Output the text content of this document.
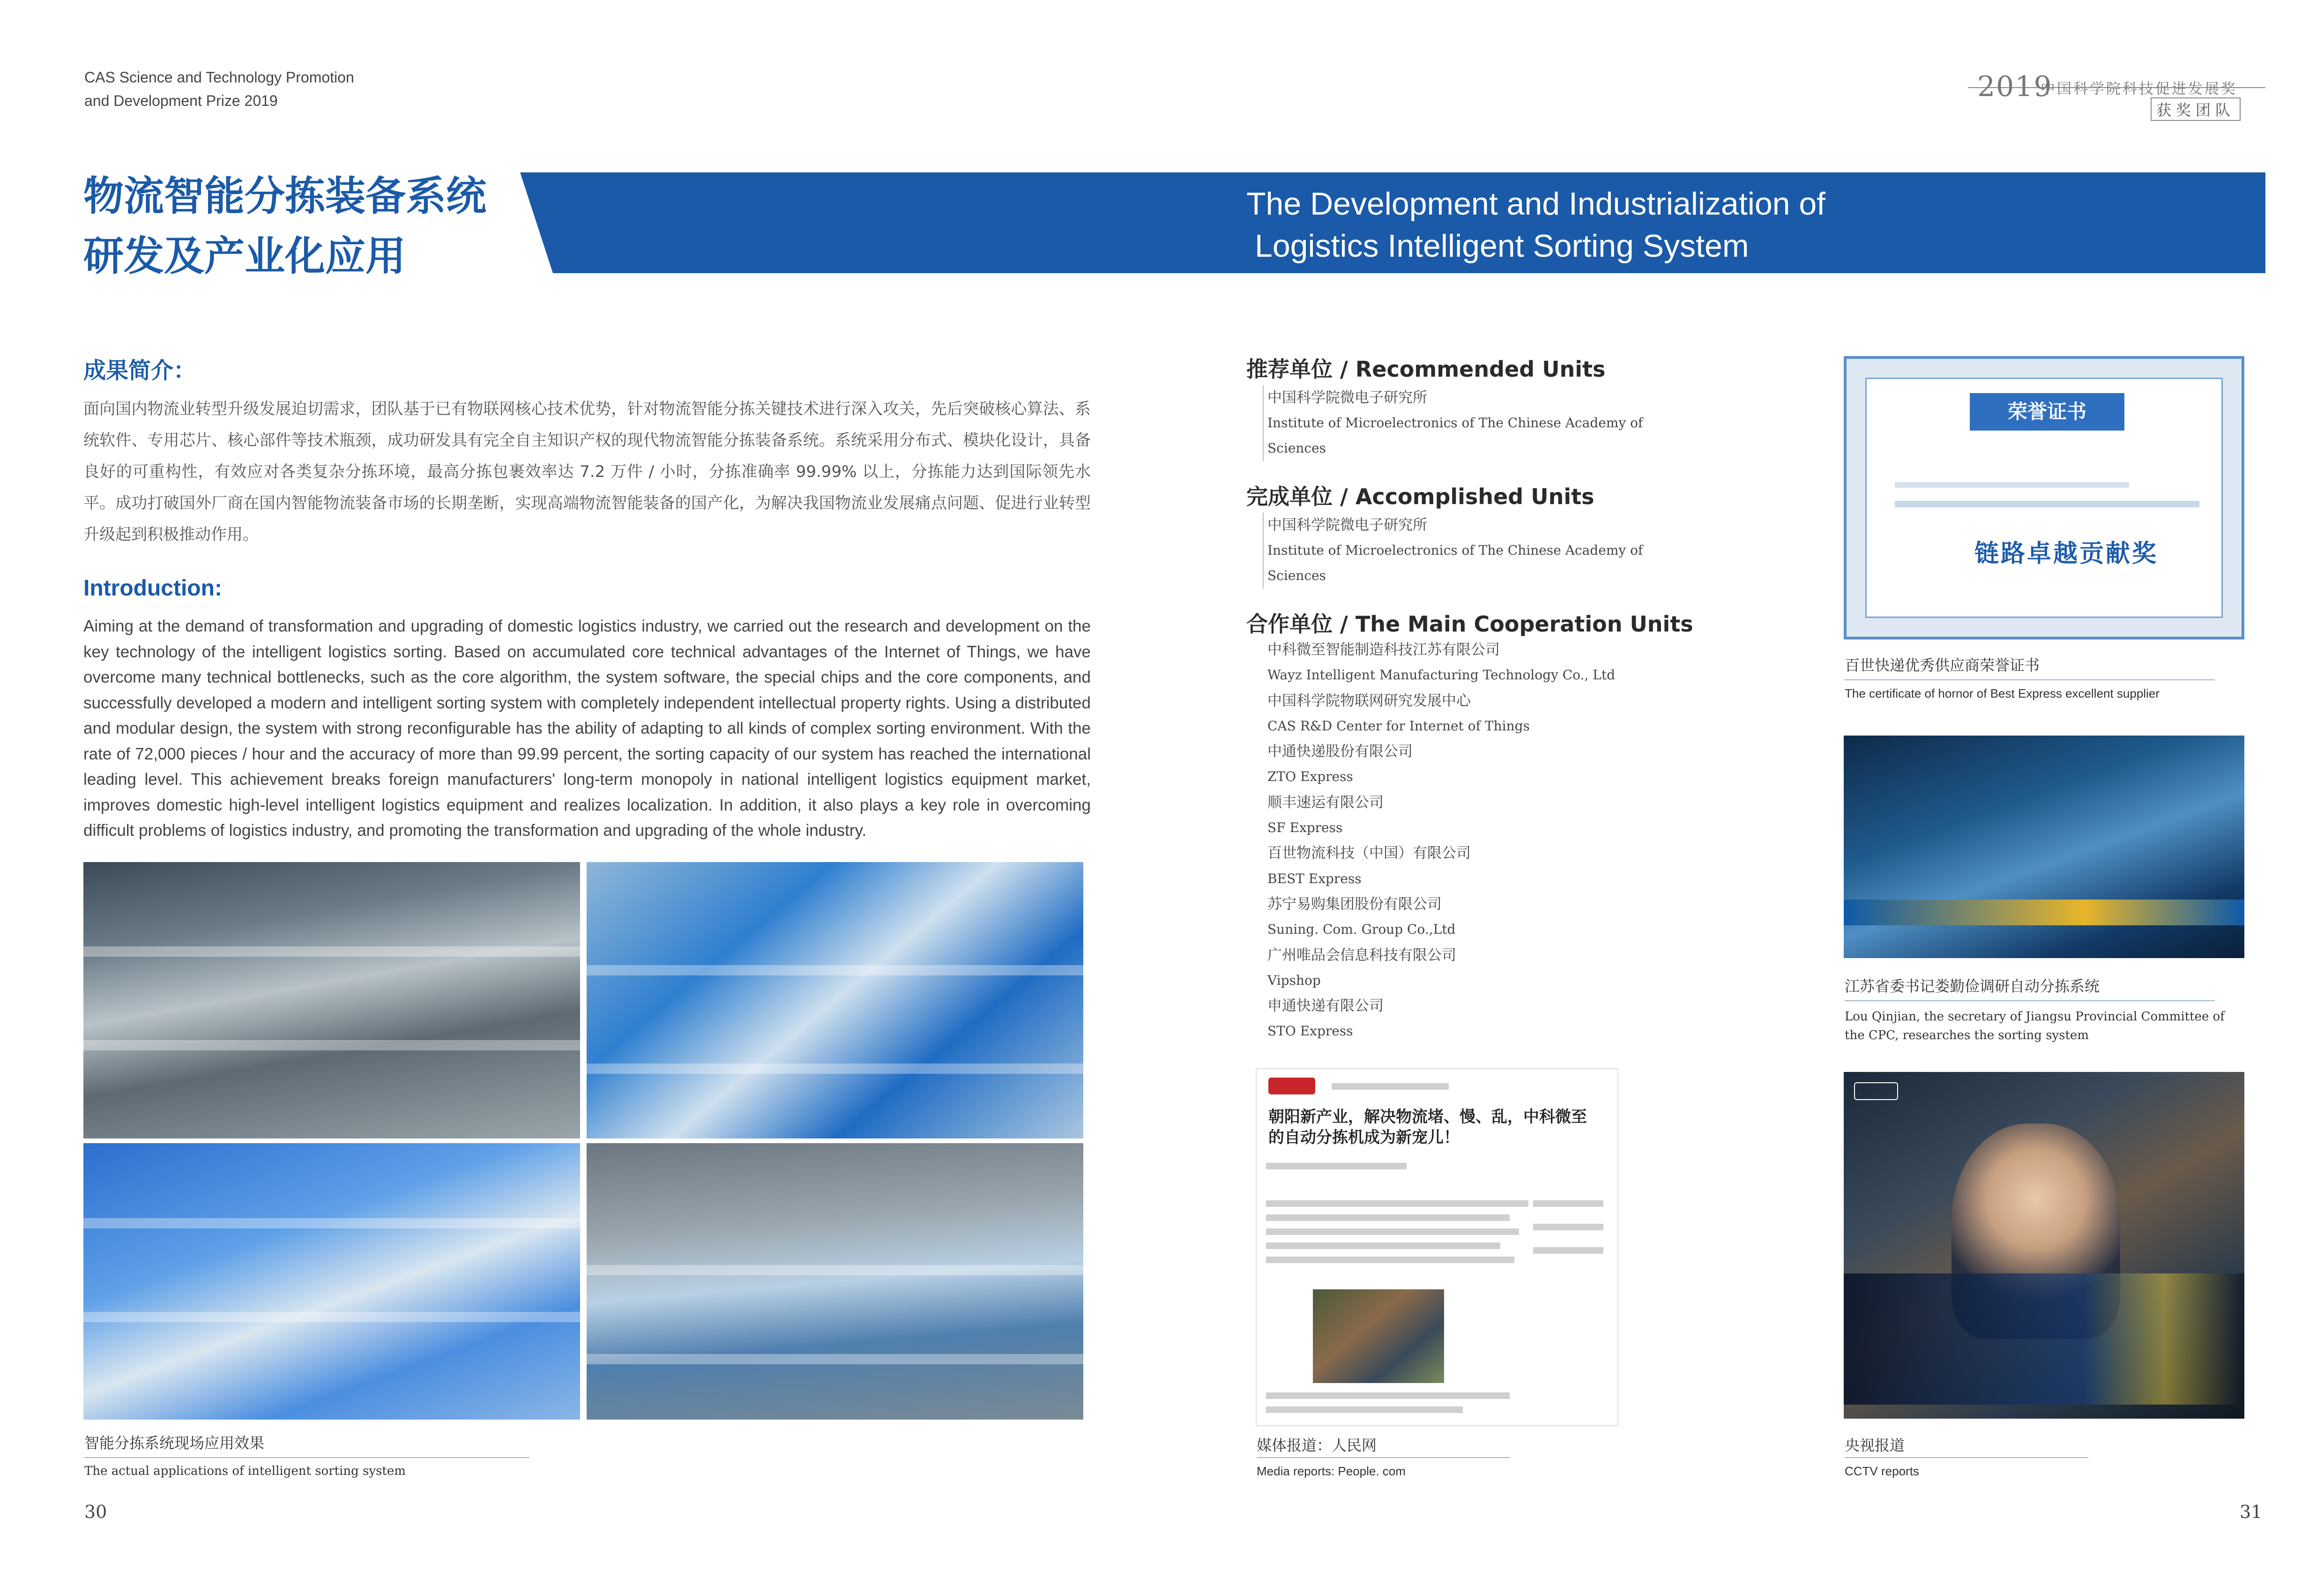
CAS Science and Technology Promotion
and Development Prize 2019	2019
中国科学院科技促进发展奖
获奖团队
物流智能分拣装备系统
研发及产业化应用
The Development and Industrialization of
Logistics Intelligent Sorting System
成果简介：
面向国内物流业转型升级发展迫切需求，团队基于已有物联网核心技术优势，针对物流智能分拣关键技术进行深入攻关，先后突破核心算法、系统软件、专用芯片、核心部件等技术瓶颈，成功研发具有完全自主知识产权的现代物流智能分拣装备系统。系统采用分布式、模块化设计，具备良好的可重构性，有效应对各类复杂分拣环境，最高分拣包裹效率达 7.2 万件 / 小时，分拣准确率 99.99% 以上，分拣能力达到国际领先水平。成功打破国外厂商在国内智能物流装备市场的长期垄断，实现高端物流智能装备的国产化，为解决我国物流业发展痛点问题、促进行业转型升级起到积极推动作用。
Introduction:
Aiming at the demand of transformation and upgrading of domestic logistics industry, we carried out the research and development on the key technology of the intelligent logistics sorting. Based on accumulated core technical advantages of the Internet of Things, we have overcome many technical bottlenecks, such as the core algorithm, the system software, the special chips and the core components, and successfully developed a modern and intelligent sorting system with completely independent intellectual property rights. Using a distributed and modular design, the system with strong reconfigurable has the ability of adapting to all kinds of complex sorting environment. With the rate of 72,000 pieces / hour and the accuracy of more than 99.99 percent, the sorting capacity of our system has reached the international leading level. This achievement breaks foreign manufacturers' long-term monopoly in national intelligent logistics equipment market, improves domestic high-level intelligent logistics equipment and realizes localization. In addition, it also plays a key role in overcoming difficult problems of logistics industry, and promoting the transformation and upgrading of the whole industry.
智能分拣系统现场应用效果
The actual applications of intelligent sorting system
推荐单位 / Recommended Units
中国科学院微电子研究所
Institute of Microelectronics of The Chinese Academy of
Sciences
完成单位 / Accomplished Units
中国科学院微电子研究所
Institute of Microelectronics of The Chinese Academy of
Sciences
合作单位 / The Main Cooperation Units
中科微至智能制造科技江苏有限公司
Wayz Intelligent Manufacturing Technology Co., Ltd
中国科学院物联网研究发展中心
CAS R&D Center for Internet of Things
中通快递股份有限公司
ZTO Express
顺丰速运有限公司
SF Express
百世物流科技（中国）有限公司
BEST Express
苏宁易购集团股份有限公司
Suning. Com. Group Co.,Ltd
广州唯品会信息科技有限公司
Vipshop
申通快递有限公司
STO Express
朝阳新产业，解决物流堵、慢、乱，中科微至的自动分拣机成为新宠儿！
媒体报道：人民网
Media reports: People. com
荣誉证书
链路卓越贡献奖
百世快递优秀供应商荣誉证书
The certificate of hornor of Best Express excellent supplier
江苏省委书记娄勤俭调研自动分拣系统
Lou Qinjian, the secretary of Jiangsu Provincial Committee of
the CPC, researches the sorting system
央视报道
CCTV reports
30	31
